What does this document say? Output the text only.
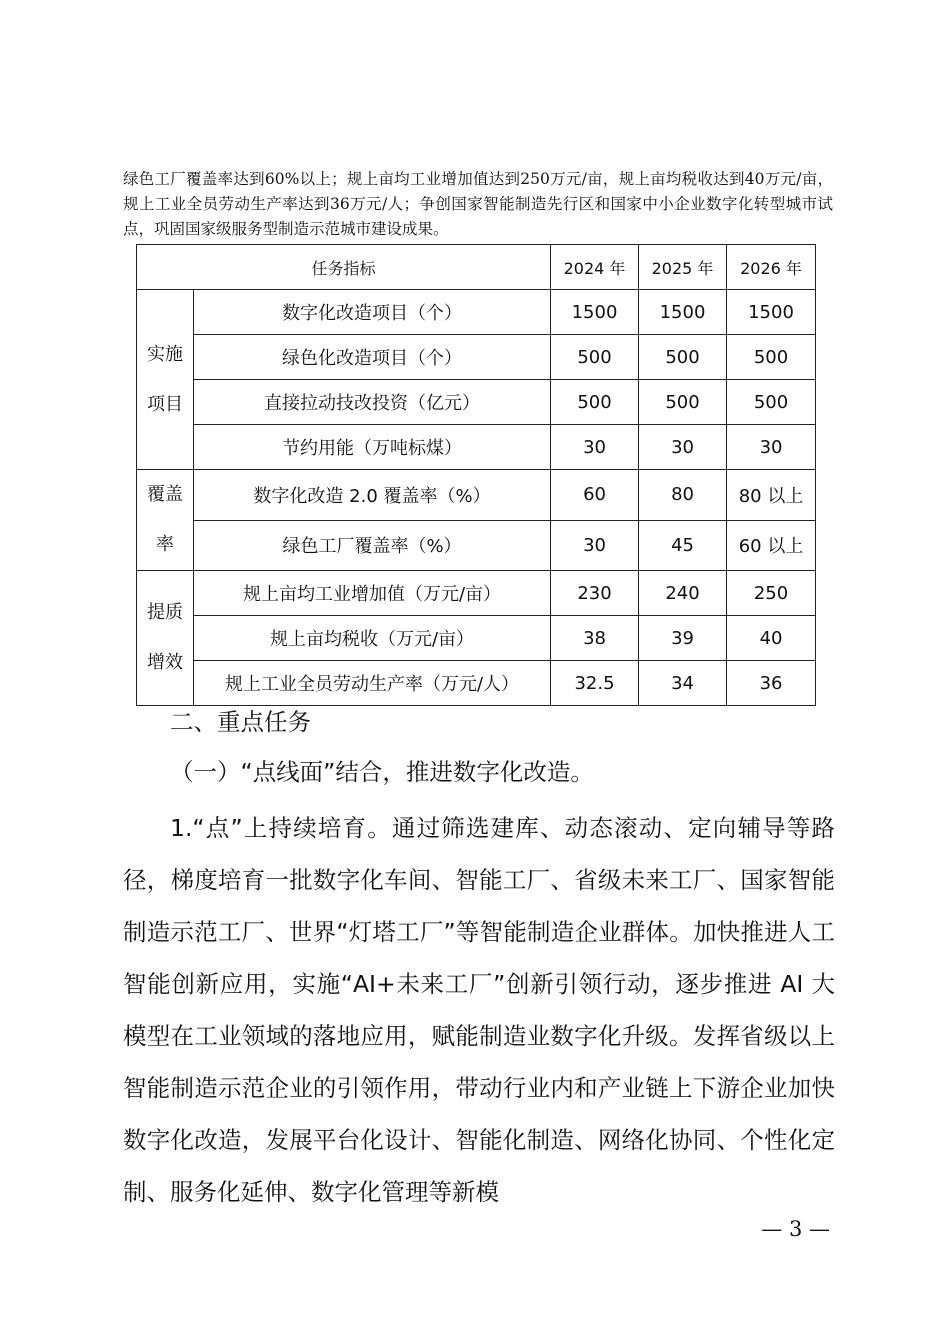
绿色工厂覆盖率达到60%以上；规上亩均工业增加值达到250万元/亩，规上亩均税收达到40万元/亩，规上工业全员劳动生产率达到36万元/人；争创国家智能制造先行区和国家中小企业数字化转型城市试点，巩固国家级服务型制造示范城市建设成果。

任务指标		2024 年	2025 年	2026 年

实施
项目	数字化改造项目（个）	1500	1500	1500
	绿色化改造项目（个）	500	500	500
	直接拉动技改投资（亿元）	500	500	500
	节约用能（万吨标煤）	30	30	30

覆盖
率	数字化改造 2.0 覆盖率（%）	60	80	80 以上
	绿色工厂覆盖率（%）	30	45	60 以上

提质
增效	规上亩均工业增加值（万元/亩）	230	240	250
	规上亩均税收（万元/亩）	38	39	40
	规上工业全员劳动生产率（万元/人）	32.5	34	36

二、重点任务

（一）“点线面”结合，推进数字化改造。

1.“点”上持续培育。通过筛选建库、动态滚动、定向辅导等路径，梯度培育一批数字化车间、智能工厂、省级未来工厂、国家智能制造示范工厂、世界“灯塔工厂”等智能制造企业群体。加快推进人工智能创新应用，实施“AI+未来工厂”创新引领行动，逐步推进 AI 大模型在工业领域的落地应用，赋能制造业数字化升级。发挥省级以上智能制造示范企业的引领作用，带动行业内和产业链上下游企业加快数字化改造，发展平台化设计、智能化制造、网络化协同、个性化定制、服务化延伸、数字化管理等新模

— 3 —
